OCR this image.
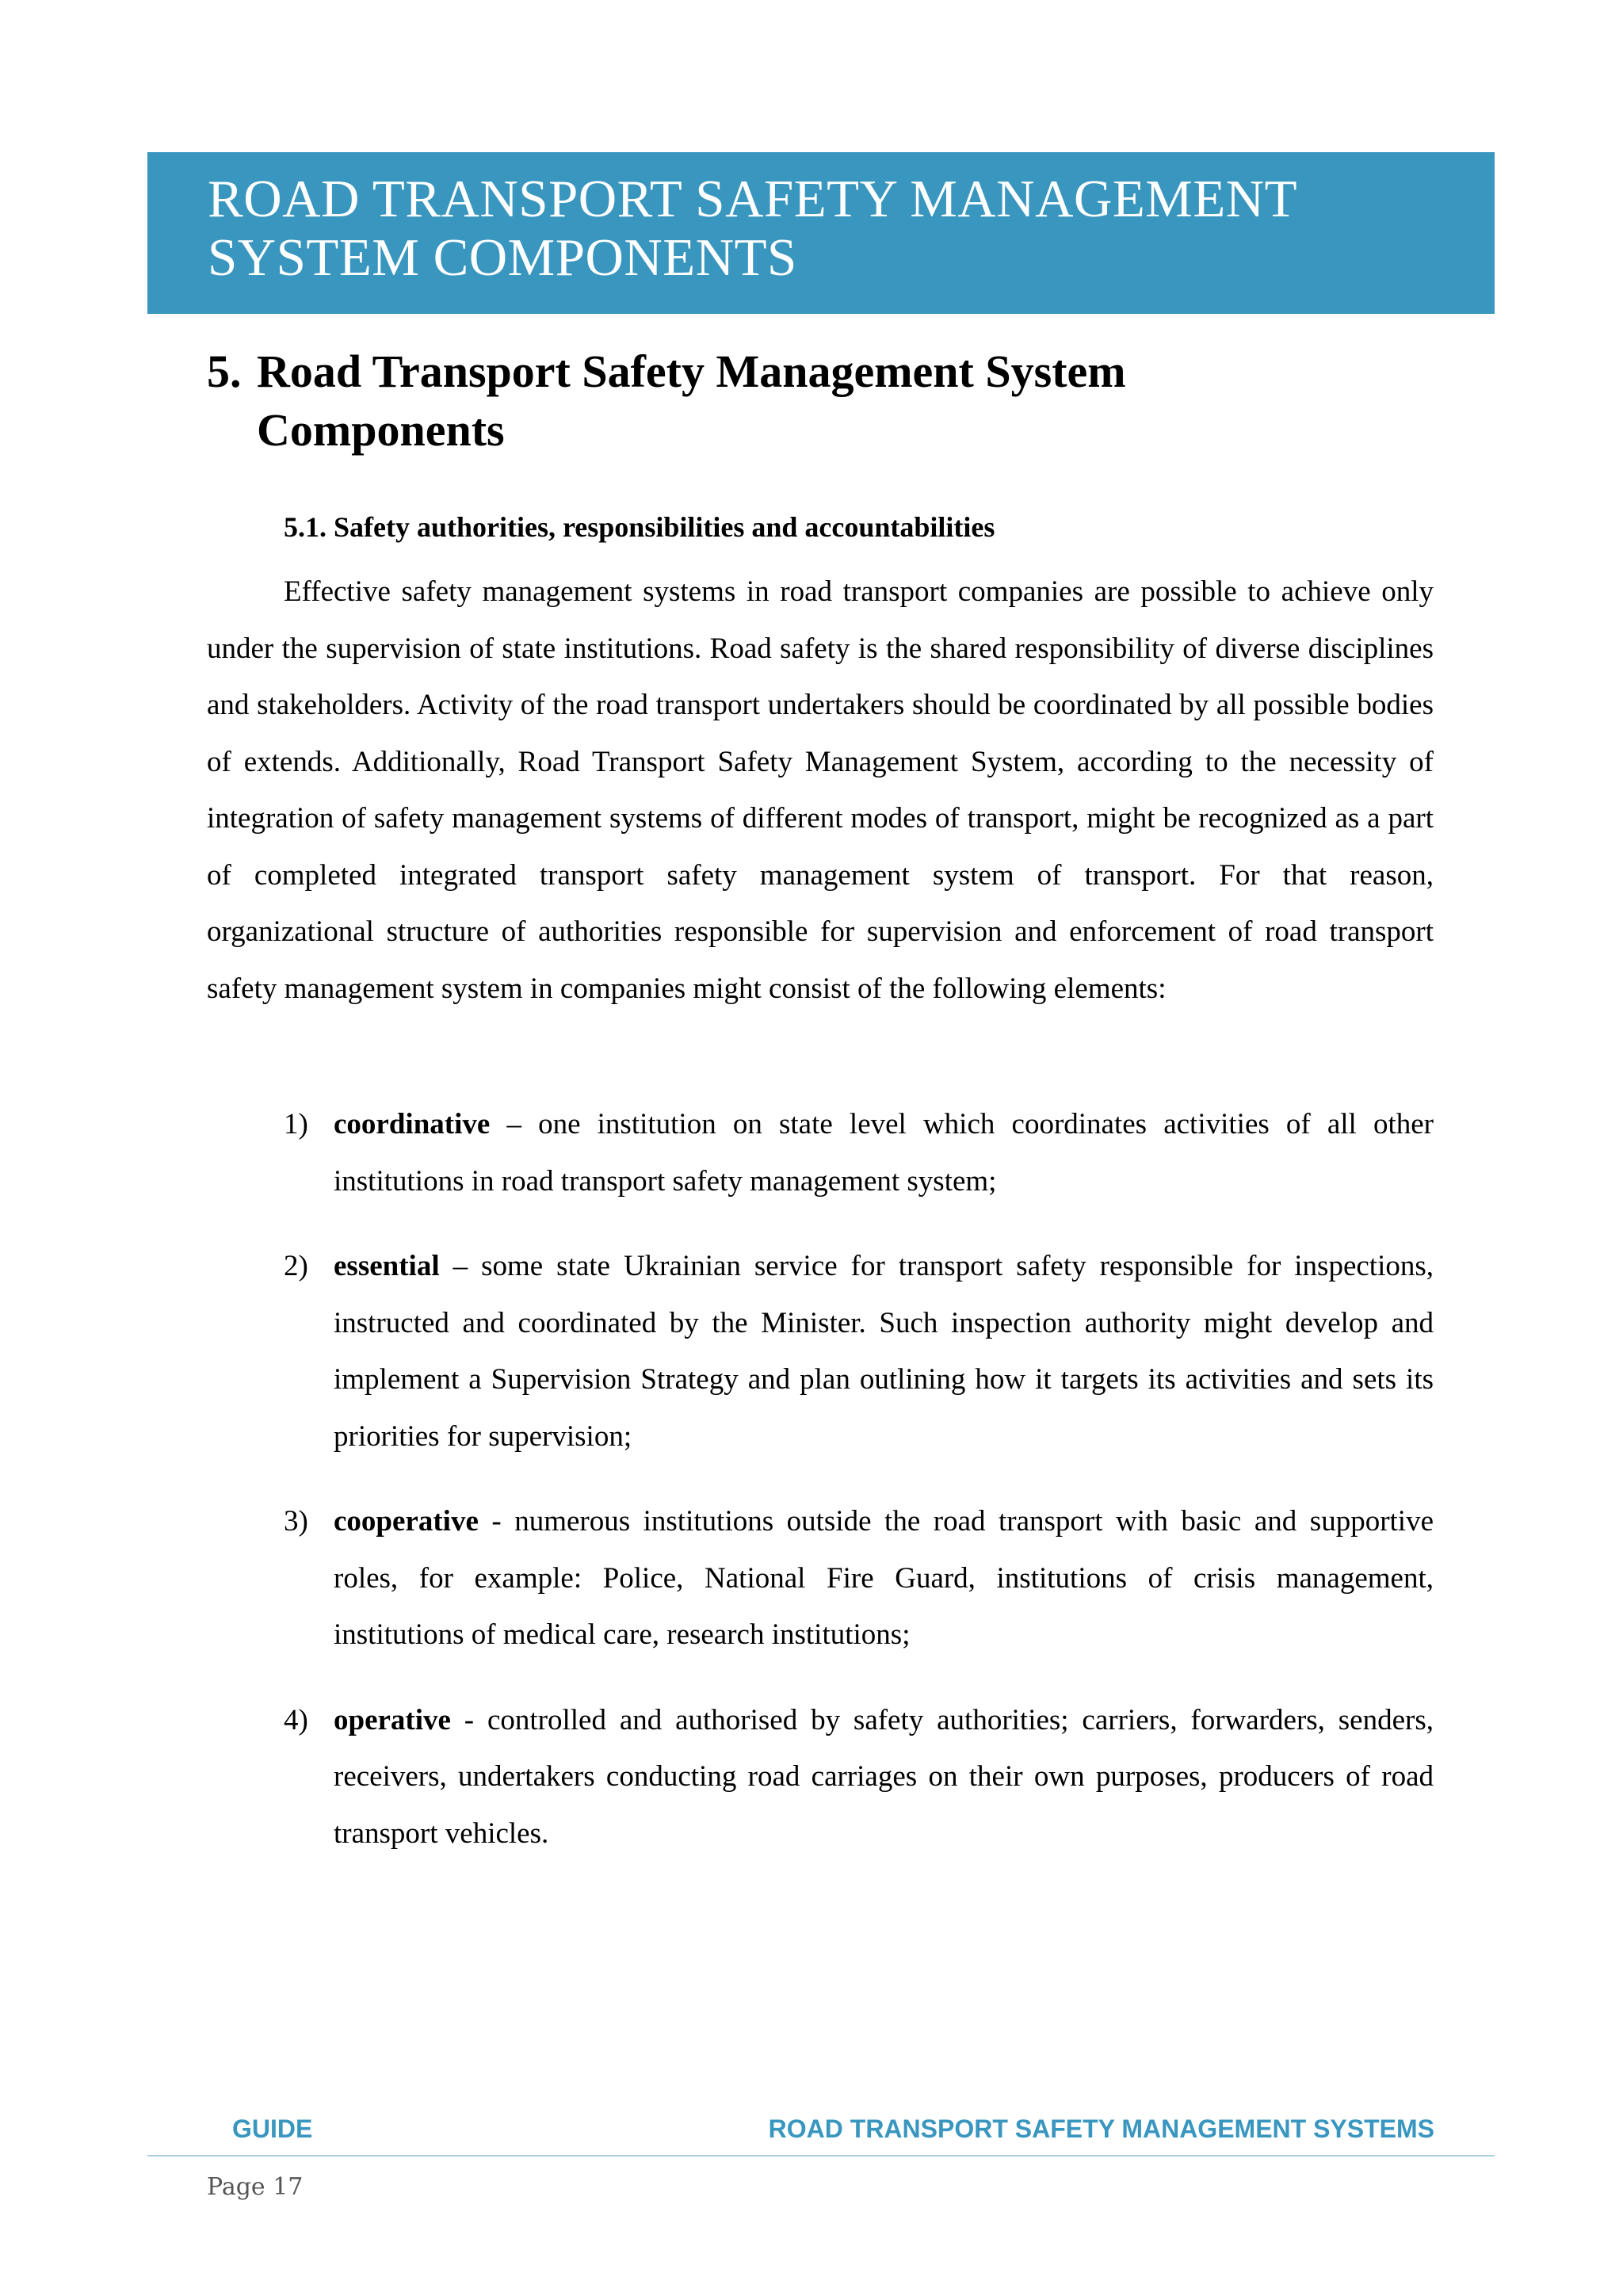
ROAD TRANSPORT SAFETY MANAGEMENT
SYSTEM COMPONENTS
5. Road Transport Safety Management System Components
5.1. Safety authorities, responsibilities and accountabilities

Effective safety management systems in road transport companies are possible to achieve only under the supervision of state institutions. Road safety is the shared responsibility of diverse disciplines and stakeholders. Activity of the road transport undertakers should be coordinated by all possible bodies of extends. Additionally, Road Transport Safety Management System, according to the necessity of integration of safety management systems of different modes of transport, might be recognized as a part of completed integrated transport safety management system of transport. For that reason, organizational structure of authorities responsible for supervision and enforcement of road transport safety management system in companies might consist of the following elements:

1) coordinative – one institution on state level which coordinates activities of all other institutions in road transport safety management system;
2) essential – some state Ukrainian service for transport safety responsible for inspections, instructed and coordinated by the Minister. Such inspection authority might develop and implement a Supervision Strategy and plan outlining how it targets its activities and sets its priorities for supervision;
3) cooperative - numerous institutions outside the road transport with basic and supportive roles, for example: Police, National Fire Guard, institutions of crisis management, institutions of medical care, research institutions;
4) operative - controlled and authorised by safety authorities; carriers, forwarders, senders, receivers, undertakers conducting road carriages on their own purposes, producers of road transport vehicles.
GUIDE	ROAD TRANSPORT SAFETY MANAGEMENT SYSTEMS
Page 17
